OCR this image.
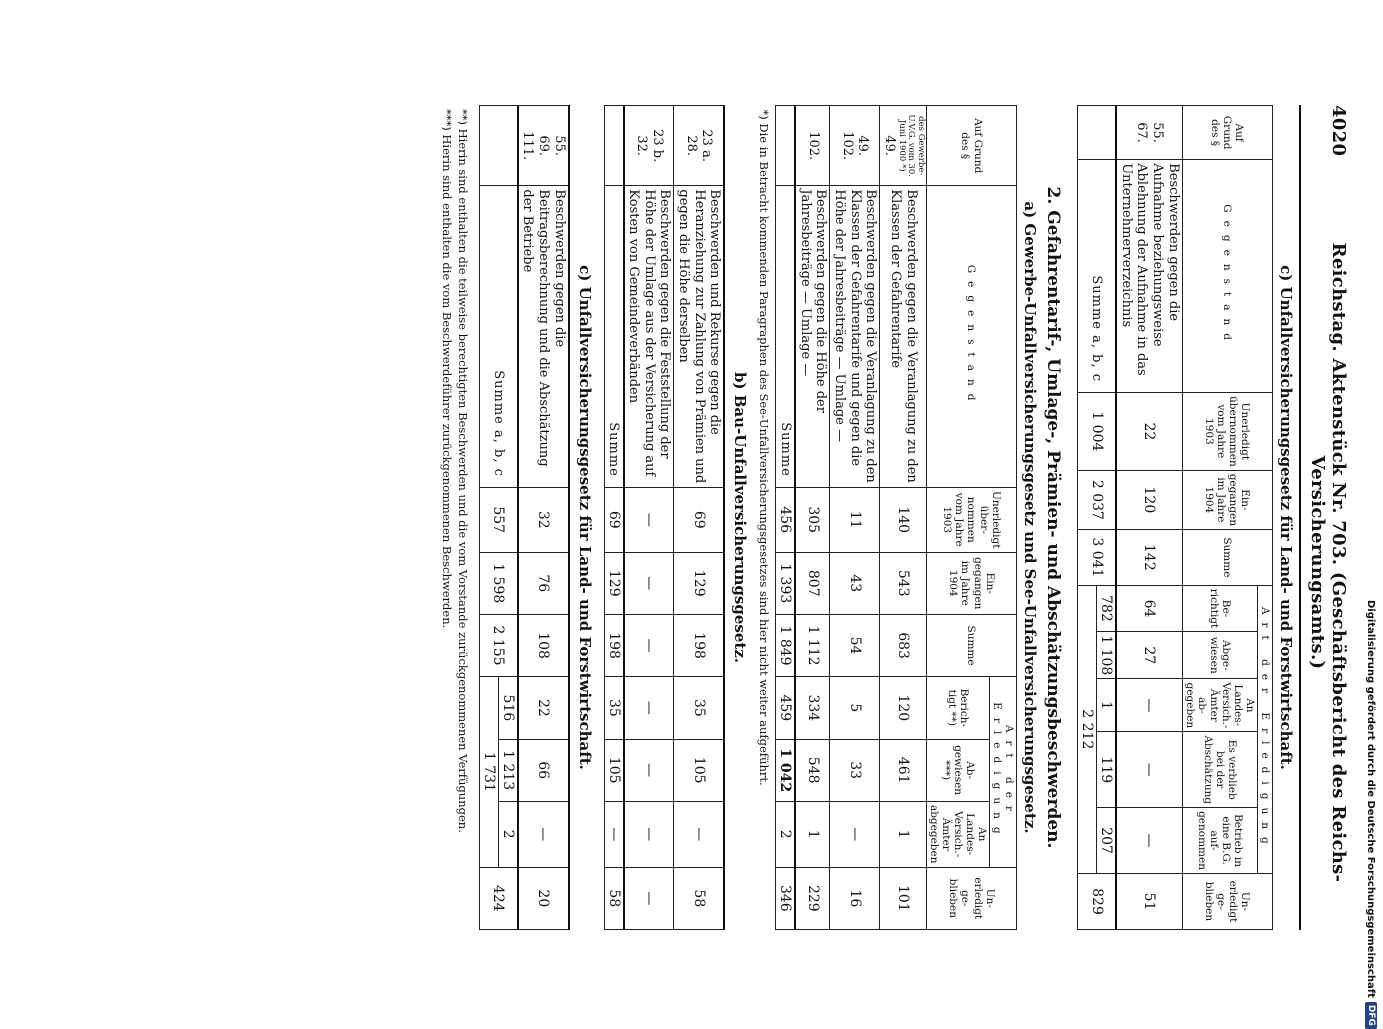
4020
Reichstag. Aktenstück Nr. 703. (Geschäftsbericht des Reichs-Versicherungsamts.)
c) Unfallversicherungsgesetz für Land- und Forstwirtschaft.
Auf Grund des §	Gegenstand	Unerledigt übernommen vom Jahre 1903	Ein-gegangen im Jahre 1904	Summe	Art der Erledigung					Un-erledigt ge-blieben
					Be-richtigt	Abge-wiesen	An Landes-Versich.-Ämter ab-gegeben	Es verblieb bei der Abschätzung	Betrieb in eine B.G. auf-genommen	
55.
67.	Beschwerden gegen die Aufnahme beziehungsweise Ablehnung der Aufnahme in das Unternehmerverzeichnis	22	120	142	64	27	—	—	—	51
	Summe a, b, c	1 004	2 037	3 041	782	1 108	1	119	207	829
					2 212					
2. Gefahrentarif-, Umlage-, Prämien- und Abschätzungsbeschwerden.
a) Gewerbe-Unfallversicherungsgesetz und See-Unfallversicherungsgesetz.
Auf Grund des §	Gegenstand	Unerledigt über-nommen vom Jahre 1903	Ein-gegangen im Jahre 1904	Summe	Art der Erledigung			Un-erledigt ge-blieben
					Berich-tigt **)	Ab-gewiesen ***)	An Landes-Versich.-Ämter abgegeben	

des Gewerbe-U.V.G. vom 30. Juni 1900 *)
49.	Beschwerden gegen die Veranlagung zu den Klassen der Gefahrentarife	140	543	683	120	461	1	101
49.
102.	Beschwerden gegen die Veranlagung zu den Klassen der Gefahrentarife und gegen die Höhe der Jahresbeiträge — Umlage —	11	43	54	5	33	—	16
102.	Beschwerden gegen die Höhe der Jahresbeiträge — Umlage —	305	807	1 112	334	548	1	229
	Summe	456	1 393	1 849	459	1 042	2	346

*) Die in Betracht kommenden Paragraphen des See-Unfallversicherungsgesetzes sind hier nicht weiter aufgeführt.
b) Bau-Unfallversicherungsgesetz.								

23 a.
28.	Beschwerden und Rekurse gegen die Heranziehung zur Zahlung von Prämien und gegen die Höhe derselben	69	129	198	35	105	—	58
23 b.
32.	Beschwerden gegen die Feststellung der Höhe der Umlage aus der Versicherung auf Kosten von Gemeindeverbänden	—	—	—	—	—	—	—
	Summe	69	129	198	35	105	—	58

c) Unfallversicherungsgesetz für Land- und Forstwirtschaft.								

55.
69.
111.	Beschwerden gegen die Beitragsberechnung und die Abschätzung der Betriebe	32	76	108	22	66	—	20
	Summe a, b, c	557	1 598	2 155	516	1 213	2	424
					1 731			
**) Hierin sind enthalten die teilweise berechtigten Beschwerden und die vom Vorstande zurückgenommenen Verfügungen.
***) Hierin sind enthalten die vom Beschwerdeführer zurückgenommenen Beschwerden.
Digitalisierung gefördert durch die Deutsche Forschungsgemeinschaft
DFG
